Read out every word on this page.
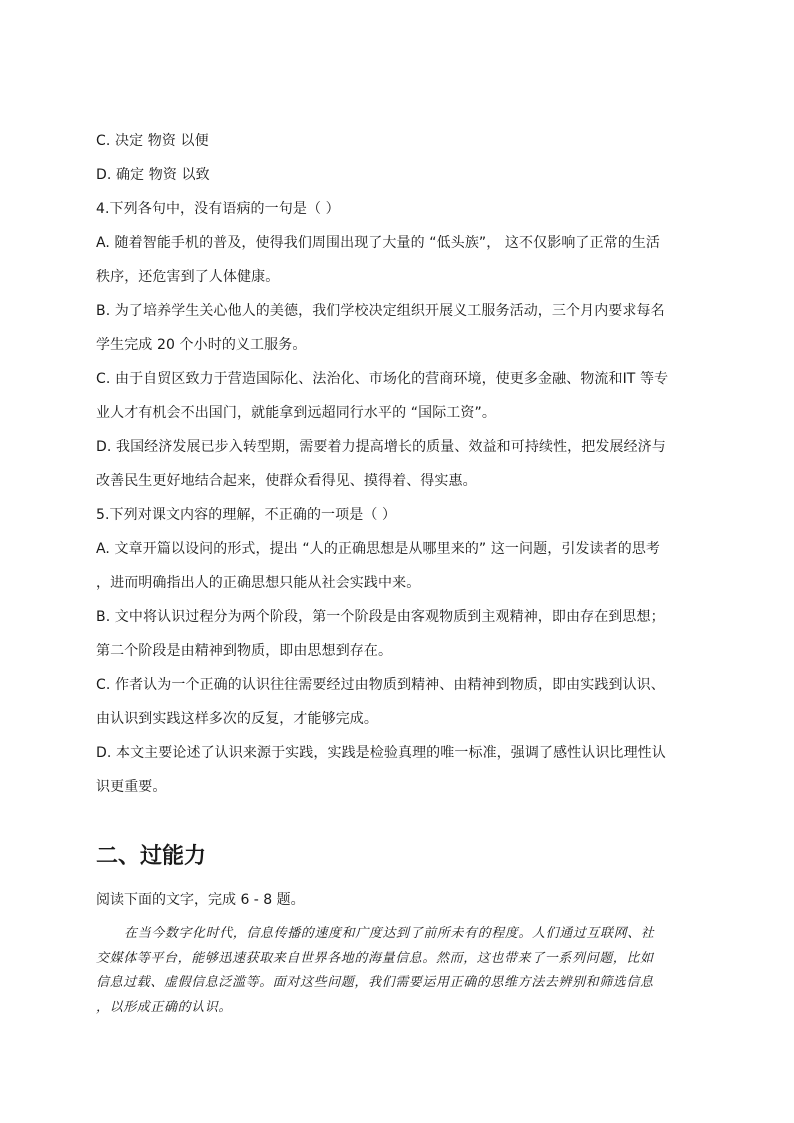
C. 决定 物资 以便
D. 确定 物资 以致
4.下列各句中，没有语病的一句是（ ）
A. 随着智能手机的普及，使得我们周围出现了大量的 “低头族”， 这不仅影响了正常的生活
秩序，还危害到了人体健康。
B. 为了培养学生关心他人的美德，我们学校决定组织开展义工服务活动，三个月内要求每名
学生完成 20 个小时的义工服务。
C. 由于自贸区致力于营造国际化、法治化、市场化的营商环境，使更多金融、物流和IT 等专
业人才有机会不出国门，就能拿到远超同行水平的 “国际工资”。
D. 我国经济发展已步入转型期，需要着力提高增长的质量、效益和可持续性，把发展经济与
改善民生更好地结合起来，使群众看得见、摸得着、得实惠。
5.下列对课文内容的理解，不正确的一项是（ ）
A. 文章开篇以设问的形式，提出 “人的正确思想是从哪里来的” 这一问题，引发读者的思考
，进而明确指出人的正确思想只能从社会实践中来。
B. 文中将认识过程分为两个阶段，第一个阶段是由客观物质到主观精神，即由存在到思想；
第二个阶段是由精神到物质，即由思想到存在。
C. 作者认为一个正确的认识往往需要经过由物质到精神、由精神到物质，即由实践到认识、
由认识到实践这样多次的反复，才能够完成。
D. 本文主要论述了认识来源于实践，实践是检验真理的唯一标准，强调了感性认识比理性认
识更重要。
二、过能力
阅读下面的文字，完成 6 - 8 题。
在当今数字化时代，信息传播的速度和广度达到了前所未有的程度。人们通过互联网、社
交媒体等平台，能够迅速获取来自世界各地的海量信息。然而，这也带来了一系列问题，比如
信息过载、虚假信息泛滥等。面对这些问题，我们需要运用正确的思维方法去辨别和筛选信息
，以形成正确的认识。
